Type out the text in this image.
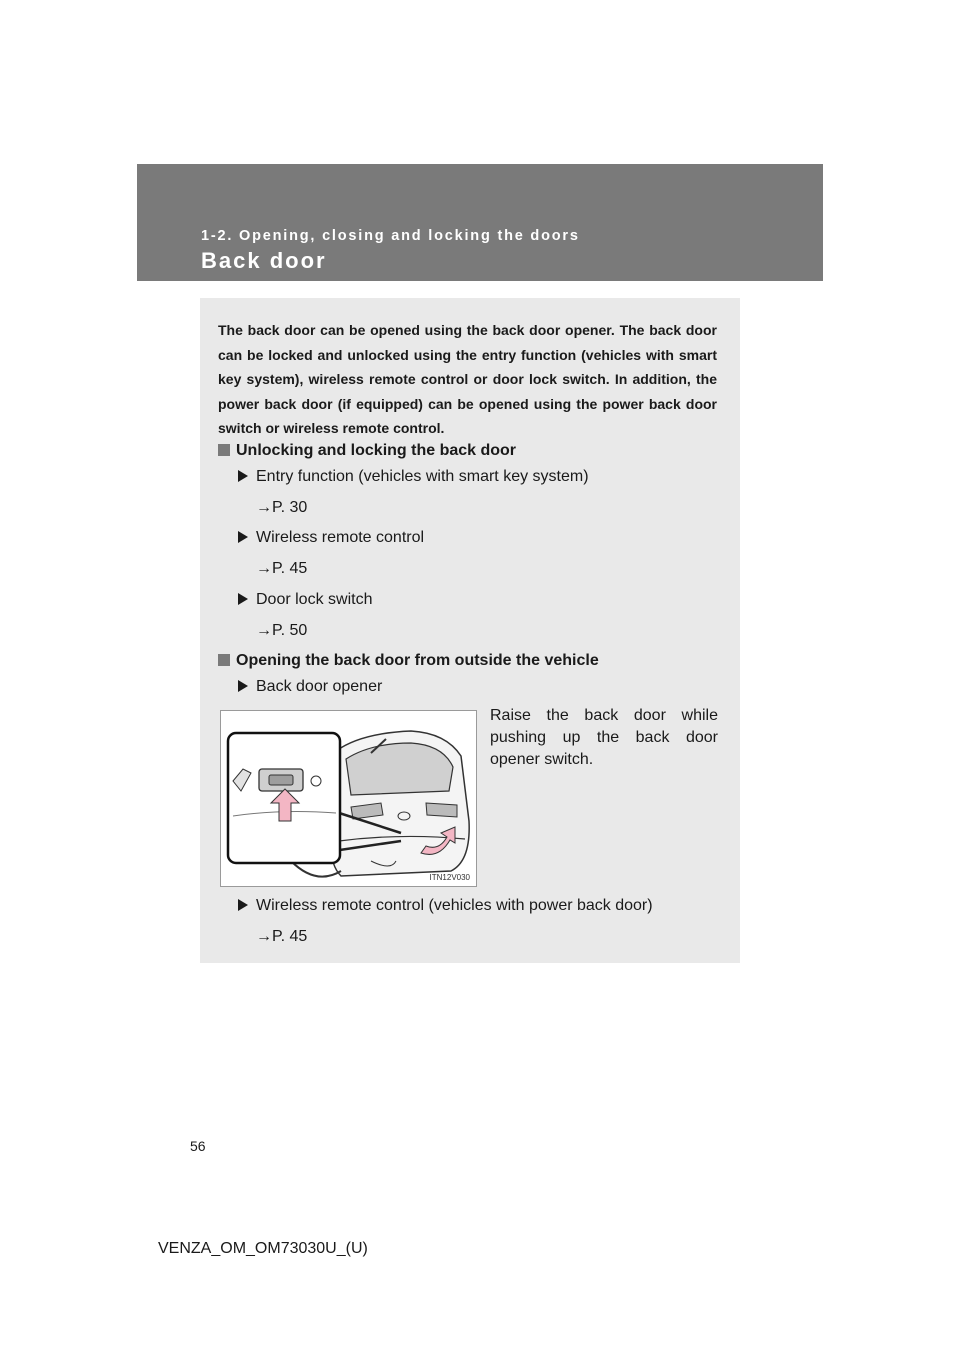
1-2. Opening, closing and locking the doors
Back door
The back door can be opened using the back door opener. The back door can be locked and unlocked using the entry function (vehicles with smart key system), wireless remote control or door lock switch. In addition, the power back door (if equipped) can be opened using the power back door switch or wireless remote control.
Unlocking and locking the back door
Entry function (vehicles with smart key system)
→P. 30
Wireless remote control
→P. 45
Door lock switch
→P. 50
Opening the back door from outside the vehicle
Back door opener
ITN12V030
Raise the back door while pushing up the back door opener switch.
Wireless remote control (vehicles with power back door)
→P. 45
56
VENZA_OM_OM73030U_(U)
